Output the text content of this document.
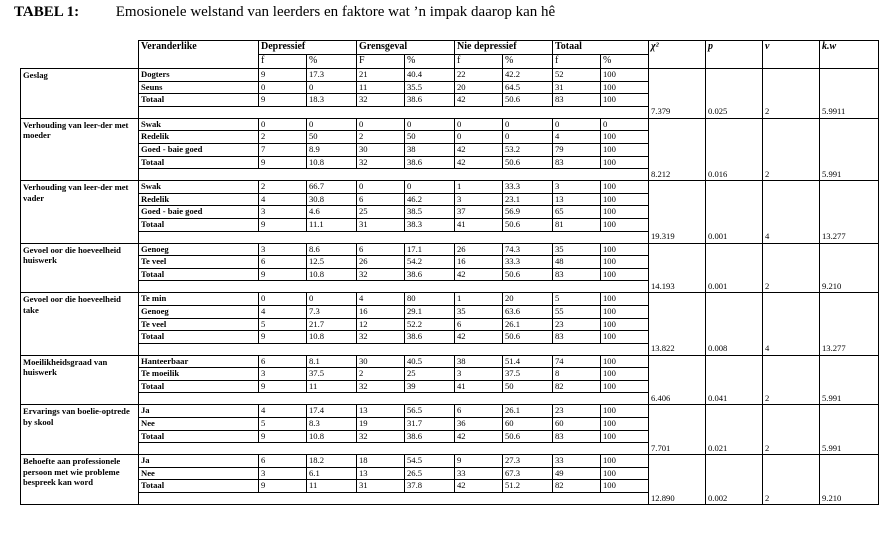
TABEL 1: Emosionele welstand van leerders en faktore wat ’n impak daarop kan hê
	Veranderlike	Depressief		Grensgeval		Nie depressief		Totaal		χ²	p	v	k.w
		f	%	F	%	f	%	f	%				
Geslag	Dogters	9	17.3	21	40.4	22	42.2	52	100				
	Seuns	0	0	11	35.5	20	64.5	31	100				
	Totaal	9	18.3	32	38.6	42	50.6	83	100				
										7.379	0.025	2	5.9911
Verhouding van leer-der met moeder	Swak	0	0	0	0	0	0	0	0				
	Redelik	2	50	2	50	0	0	4	100				
	Goed - baie goed	7	8.9	30	38	42	53.2	79	100				
	Totaal	9	10.8	32	38.6	42	50.6	83	100				
										8.212	0.016	2	5.991
Verhouding van leer-der met vader	Swak	2	66.7	0	0	1	33.3	3	100				
	Redelik	4	30.8	6	46.2	3	23.1	13	100				
	Goed - baie goed	3	4.6	25	38.5	37	56.9	65	100				
	Totaal	9	11.1	31	38.3	41	50.6	81	100				
										19.319	0.001	4	13.277
Gevoel oor die hoeveelheid huiswerk	Genoeg	3	8.6	6	17.1	26	74.3	35	100				
	Te veel	6	12.5	26	54.2	16	33.3	48	100				
	Totaal	9	10.8	32	38.6	42	50.6	83	100				
										14.193	0.001	2	9.210
Gevoel oor die hoeveelheid take	Te min	0	0	4	80	1	20	5	100				
	Genoeg	4	7.3	16	29.1	35	63.6	55	100				
	Te veel	5	21.7	12	52.2	6	26.1	23	100				
	Totaal	9	10.8	32	38.6	42	50.6	83	100				
										13.822	0.008	4	13.277
Moeilikheidsgraad van huiswerk	Hanteerbaar	6	8.1	30	40.5	38	51.4	74	100				
	Te moeilik	3	37.5	2	25	3	37.5	8	100				
	Totaal	9	11	32	39	41	50	82	100				
										6.406	0.041	2	5.991
Ervarings van boelie-optrede by skool	Ja	4	17.4	13	56.5	6	26.1	23	100				
	Nee	5	8.3	19	31.7	36	60	60	100				
	Totaal	9	10.8	32	38.6	42	50.6	83	100				
										7.701	0.021	2	5.991
Behoefte aan professionele persoon met wie probleme bespreek kan word	Ja	6	18.2	18	54.5	9	27.3	33	100				
	Nee	3	6.1	13	26.5	33	67.3	49	100				
	Totaal	9	11	31	37.8	42	51.2	82	100				
										12.890	0.002	2	9.210
